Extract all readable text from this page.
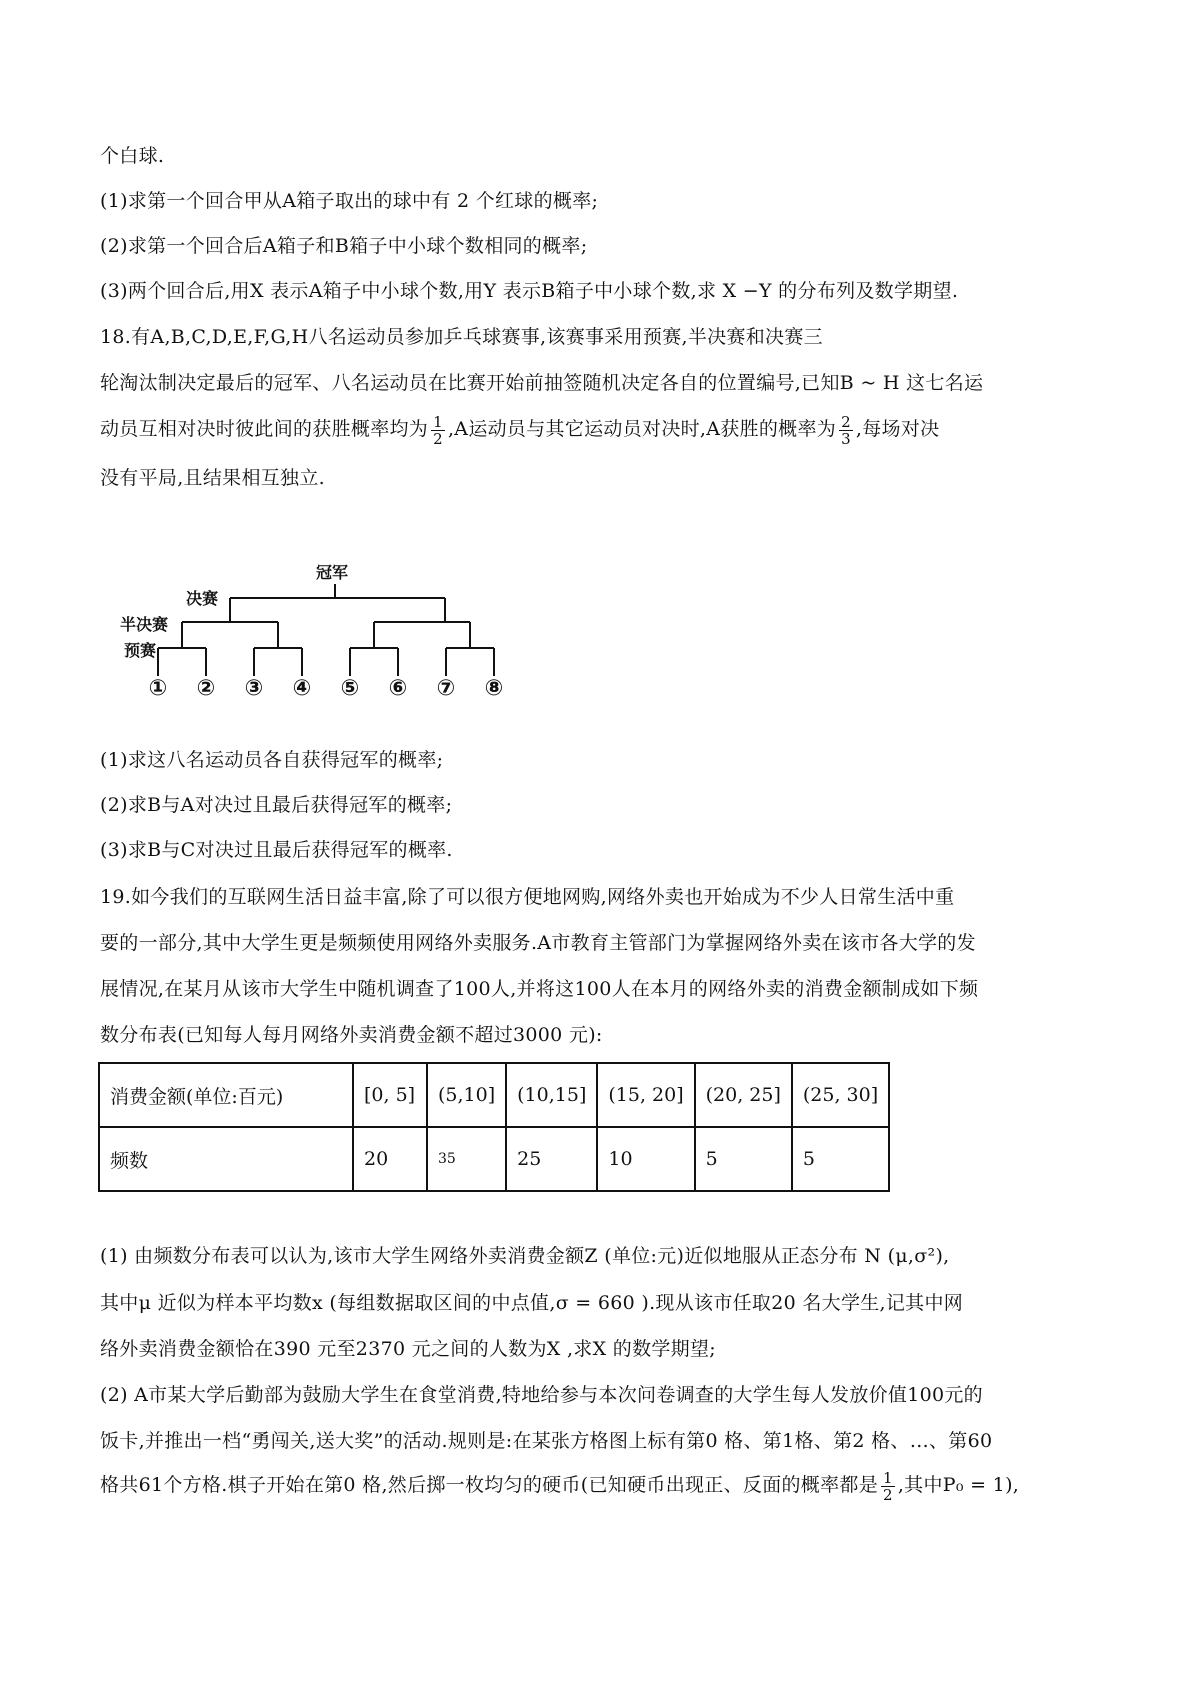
个白球.
(1)求第一个回合甲从A箱子取出的球中有 2 个红球的概率;
(2)求第一个回合后A箱子和B箱子中小球个数相同的概率;
(3)两个回合后,用X 表示A箱子中小球个数,用Y 表示B箱子中小球个数,求 X −Y 的分布列及数学期望.
18.有A,B,C,D,E,F,G,H八名运动员参加乒乓球赛事,该赛事采用预赛,半决赛和决赛三
轮淘汰制决定最后的冠军、八名运动员在比赛开始前抽签随机决定各自的位置编号,已知B ~ H 这七名运
动员互相对决时彼此间的获胜概率均为 $\frac{1}{2} ,A$运动员与其它运动员对决时,A获胜的概率为 $\frac{2}{3}$ ,每场对决
没有平局,且结果相互独立.
冠军
决赛
半决赛
预赛
① ② ③ ④ ⑤ ⑥ ⑦ ⑧
(1)求这八名运动员各自获得冠军的概率;
(2)求B与A对决过且最后获得冠军的概率;
(3)求B与C对决过且最后获得冠军的概率.
19.如今我们的互联网生活日益丰富,除了可以很方便地网购,网络外卖也开始成为不少人日常生活中重
要的一部分,其中大学生更是频频使用网络外卖服务.A市教育主管部门为掌握网络外卖在该市各大学的发
展情况,在某月从该市大学生中随机调查了100人,并将这100人在本月的网络外卖的消费金额制成如下频
数分布表(已知每人每月网络外卖消费金额不超过3000 元):
消费金额(单位:百元)	[0, 5]	(5,10]	(10,15]	(15, 20]	(20, 25]	(25, 30]
频数	20	35	25	10	5	5
(1) 由频数分布表可以认为,该市大学生网络外卖消费金额Z (单位:元)近似地服从正态分布 N (μ,σ²),
其中μ 近似为样本平均数x (每组数据取区间的中点值,σ = 660 ).现从该市任取20 名大学生,记其中网
络外卖消费金额恰在390 元至2370 元之间的人数为X ,求X 的数学期望;
(2) A市某大学后勤部为鼓励大学生在食堂消费,特地给参与本次问卷调查的大学生每人发放价值100元的
饭卡,并推出一档“勇闯关,送大奖”的活动.规则是:在某张方格图上标有第0 格、第1格、第2 格、…、第60
格共61个方格.棋子开始在第0 格,然后掷一枚均匀的硬币(已知硬币出现正、反面的概率都是 $\frac{1}{2}$ ,其中P₀ = 1),
